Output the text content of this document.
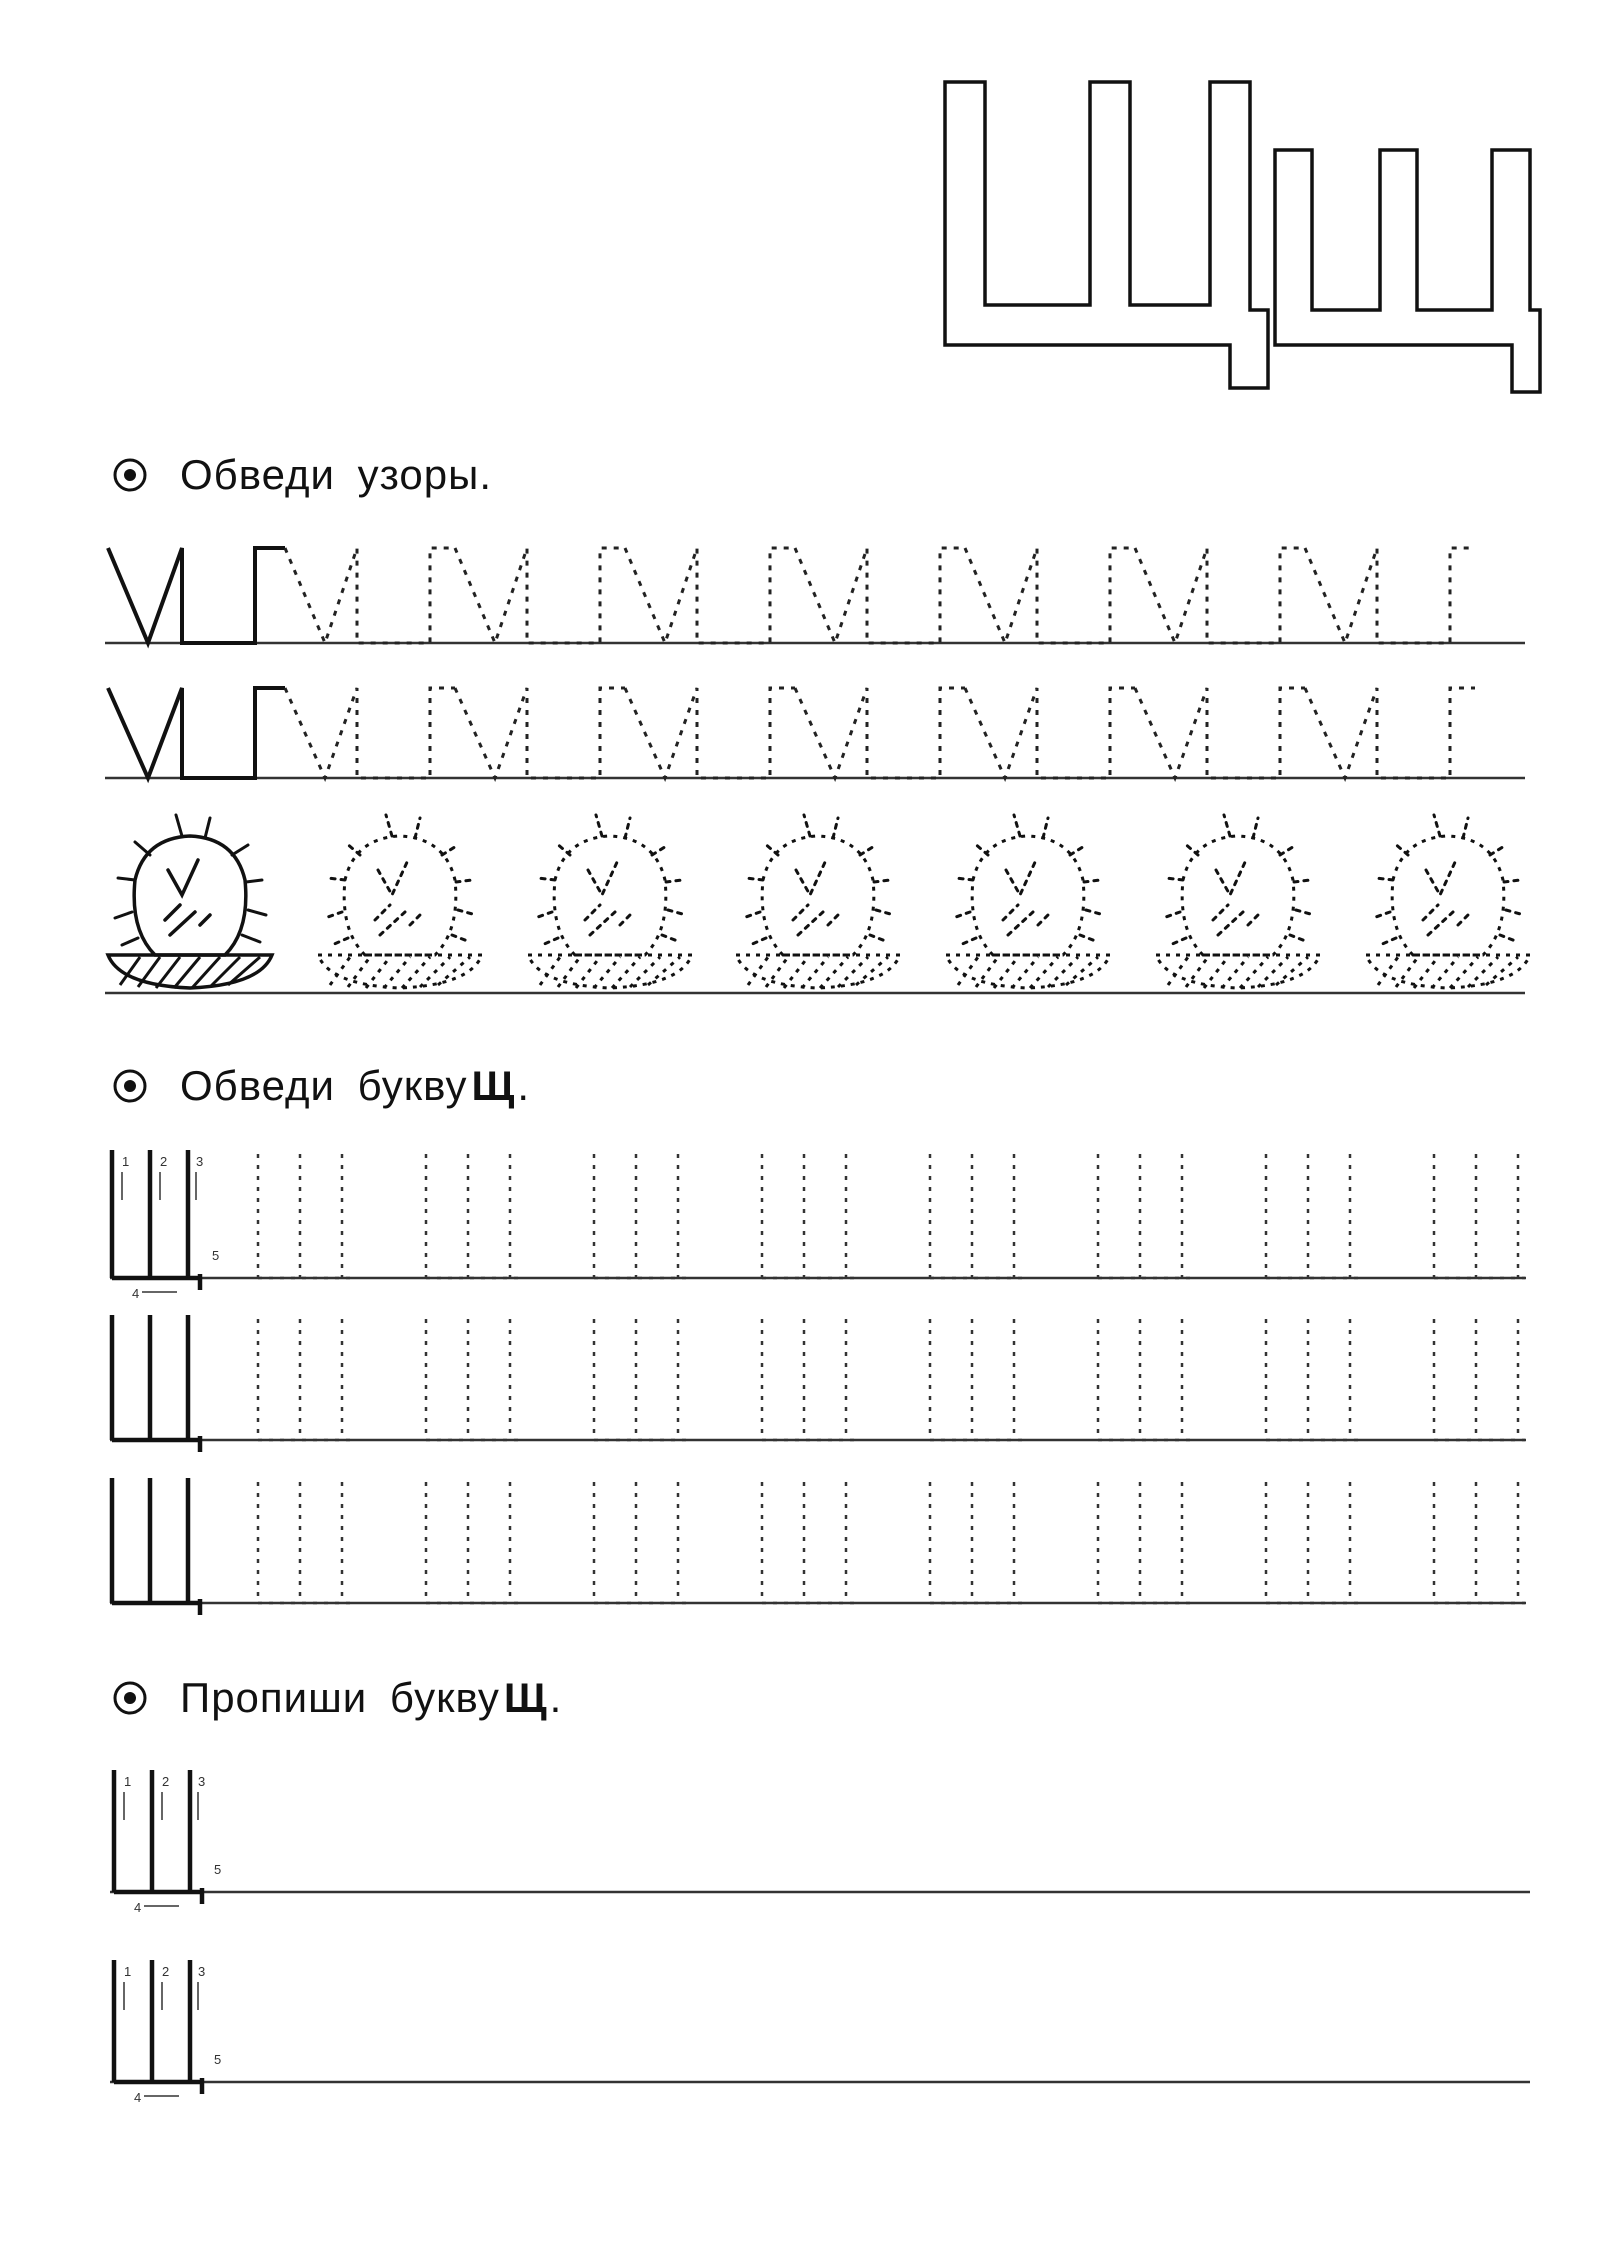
1 2 3
4
5
1 2 3
4
5
1 2 3
4
5
Обведи узоры.
Обведи букву Щ .
Пропиши букву Щ .
